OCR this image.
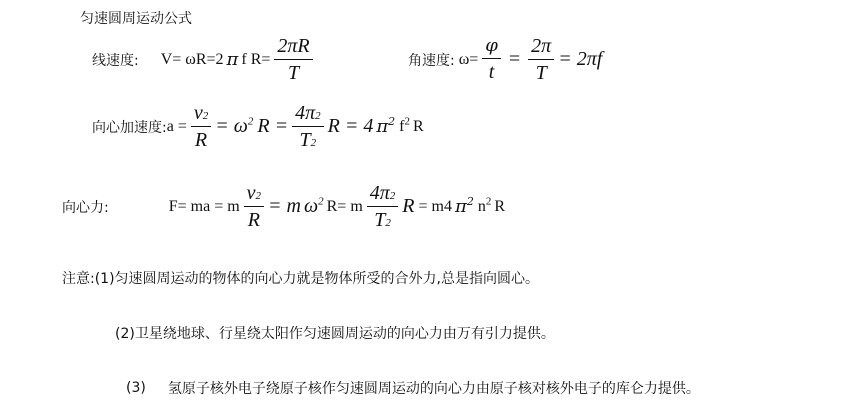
匀速圆周运动公式
线速度: V= ωR=2 π f $R= \frac{2\pi R}{T}$	角速度: $\omega= \frac{\varphi}{t} = \frac{2\pi}{T} = 2\pi f$
向心加速度: $a = \frac{v 2}{R} = \omega^2$ $R = \frac{4\pi 2}{T 2}$ R = 4 $\pi^2$ $f^2$ R
向心力:	F= ma = m $\frac{v 2}{R} = m$ $\omega^2$ R= m $\frac{4\pi 2}{T 2}$ R = m4 $\pi^2$ $n^2$ R
注意:(1)匀速圆周运动的物体的向心力就是物体所受的合外力,总是指向圆心。
(2)卫星绕地球、行星绕太阳作匀速圆周运动的向心力由万有引力提供。
(3) 氢原子核外电子绕原子核作匀速圆周运动的向心力由原子核对核外电子的库仑力提供。
